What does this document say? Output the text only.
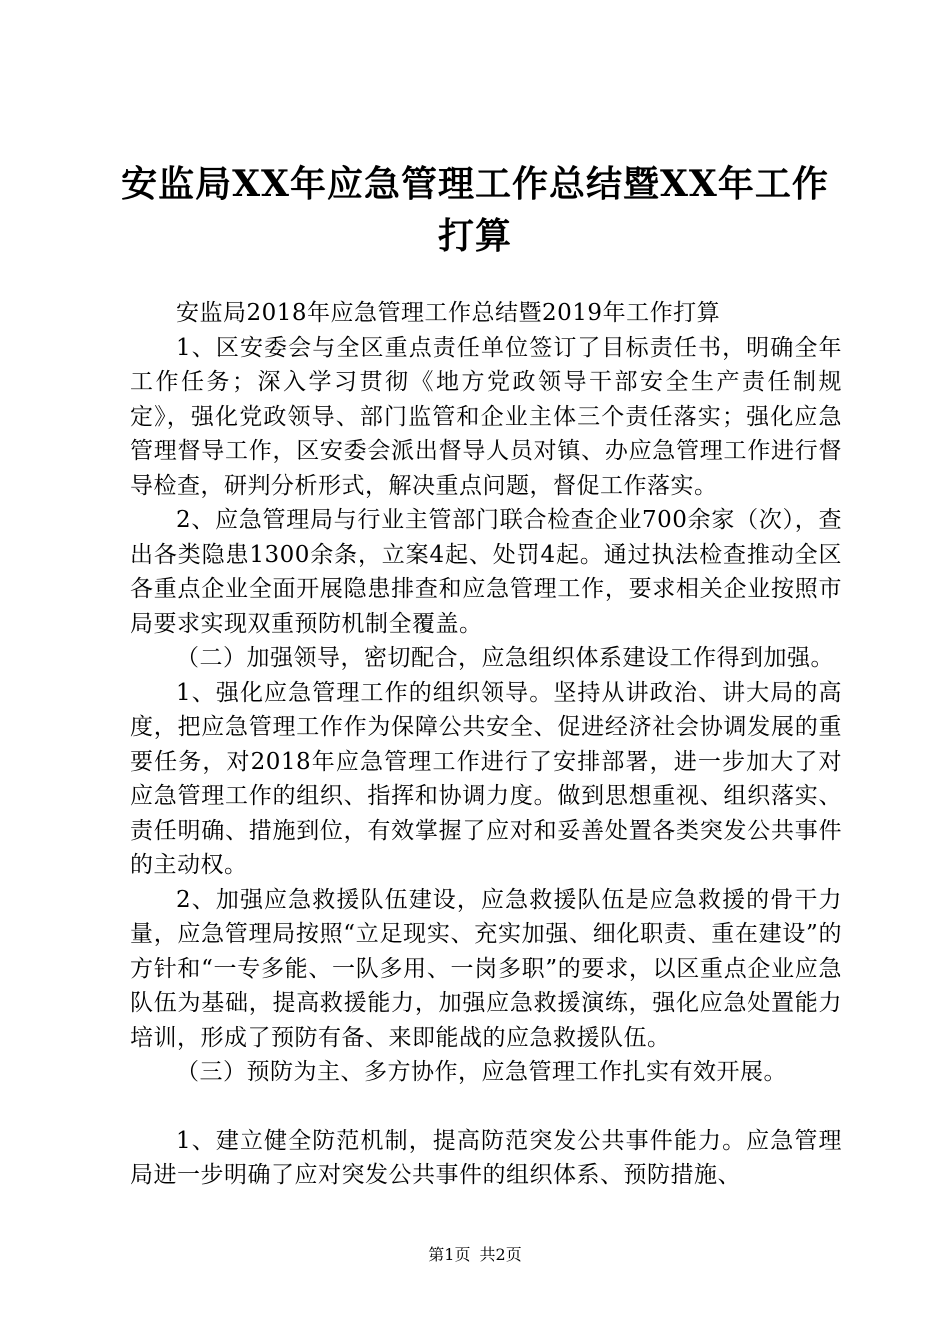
安监局XX年应急管理工作总结暨XX年工作打算

安监局2018年应急管理工作总结暨2019年工作打算

1、区安委会与全区重点责任单位签订了目标责任书，明确全年工作任务；深入学习贯彻《地方党政领导干部安全生产责任制规定》，强化党政领导、部门监管和企业主体三个责任落实；强化应急管理督导工作，区安委会派出督导人员对镇、办应急管理工作进行督导检查，研判分析形式，解决重点问题，督促工作落实。

2、应急管理局与行业主管部门联合检查企业700余家（次），查出各类隐患1300余条，立案4起、处罚4起。通过执法检查推动全区各重点企业全面开展隐患排查和应急管理工作，要求相关企业按照市局要求实现双重预防机制全覆盖。

（二）加强领导，密切配合，应急组织体系建设工作得到加强。

1、强化应急管理工作的组织领导。坚持从讲政治、讲大局的高度，把应急管理工作作为保障公共安全、促进经济社会协调发展的重要任务，对2018年应急管理工作进行了安排部署，进一步加大了对应急管理工作的组织、指挥和协调力度。做到思想重视、组织落实、责任明确、措施到位，有效掌握了应对和妥善处置各类突发公共事件的主动权。

2、加强应急救援队伍建设，应急救援队伍是应急救援的骨干力量，应急管理局按照“立足现实、充实加强、细化职责、重在建设”的方针和“一专多能、一队多用、一岗多职”的要求，以区重点企业应急队伍为基础，提高救援能力，加强应急救援演练，强化应急处置能力培训，形成了预防有备、来即能战的应急救援队伍。

（三）预防为主、多方协作，应急管理工作扎实有效开展。

1、建立健全防范机制，提高防范突发公共事件能力。应急管理局进一步明确了应对突发公共事件的组织体系、预防措施、

第1页 共2页
